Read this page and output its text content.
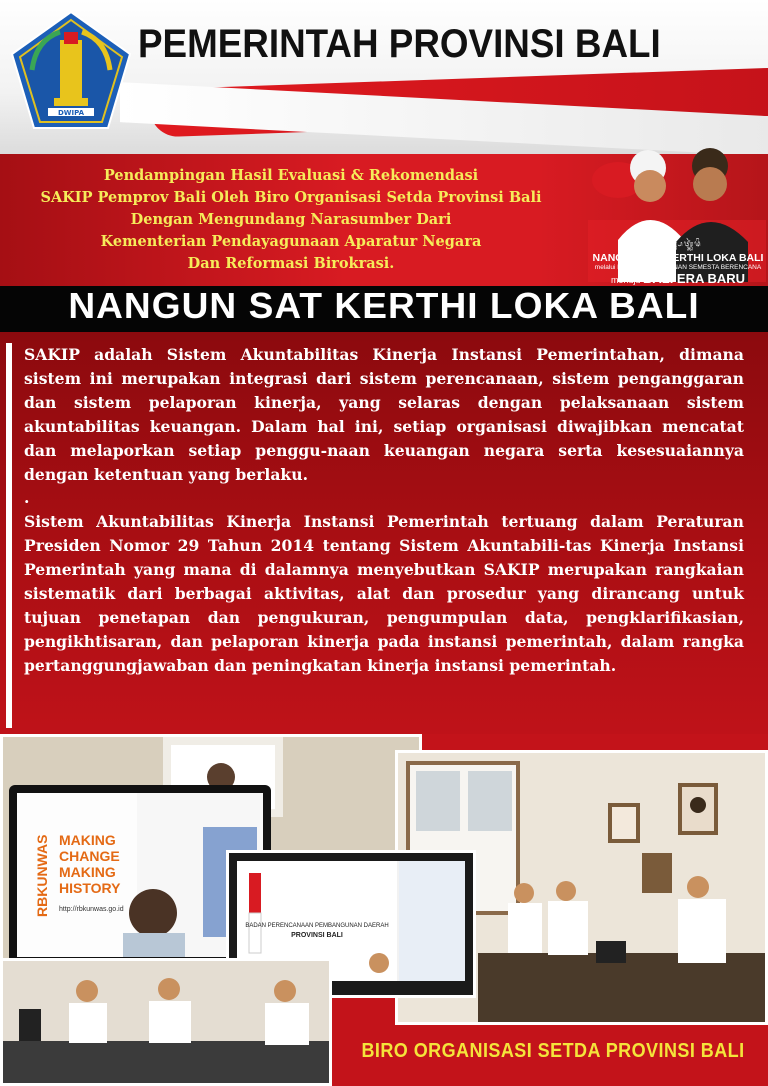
DWIPA
PEMERINTAH PROVINSI BALI
Pendampingan Hasil Evaluasi & Rekomendasi
SAKIP Pemprov Bali Oleh Biro Organisasi Setda Provinsi Bali
Dengan Mengundang Narasumber Dari
Kementerian Pendayagunaan Aparatur Negara
Dan Reformasi Birokrasi.
ᬦᬗᬸᬦ᭄ᬲᬢ᭄ᬓᬃᬣᬶ
NANGUN SAT KERTHI LOKA BALI
melalui POLA PEMBANGUNAN SEMESTA BERENCANA
menuju BALI ERA BARU
NANGUN SAT KERTHI LOKA BALI

SAKIP adalah Sistem Akuntabilitas Kinerja Instansi Pemerintahan, dimana sistem ini merupakan integrasi dari sistem perencanaan, sistem penganggaran dan sistem pelaporan kinerja, yang selaras dengan pelaksanaan sistem akuntabilitas keuangan. Dalam hal ini, setiap organisasi diwajibkan mencatat dan melaporkan setiap penggu-naan keuangan negara serta kesesuaiannya dengan ketentuan yang berlaku.

.

Sistem Akuntabilitas Kinerja Instansi Pemerintah tertuang dalam Peraturan Presiden Nomor 29 Tahun 2014 tentang Sistem Akuntabili-tas Kinerja Instansi Pemerintah yang mana di dalamnya menyebutkan SAKIP merupakan rangkaian sistematik dari berbagai aktivitas, alat dan prosedur yang dirancang untuk tujuan penetapan dan pengukuran, pengumpulan data, pengklarifikasian, pengikhtisaran, dan pelaporan kinerja pada instansi pemerintah, dalam rangka pertanggungjawaban dan peningkatan kinerja instansi pemerintah.

RBKUNWAS MAKING
CHANGE
MAKING
HISTORY
http://rbkunwas.go.id
BADAN PERENCANAAN PEMBANGUNAN DAERAH
PROVINSI BALI
BIRO ORGANISASI SETDA PROVINSI BALI
